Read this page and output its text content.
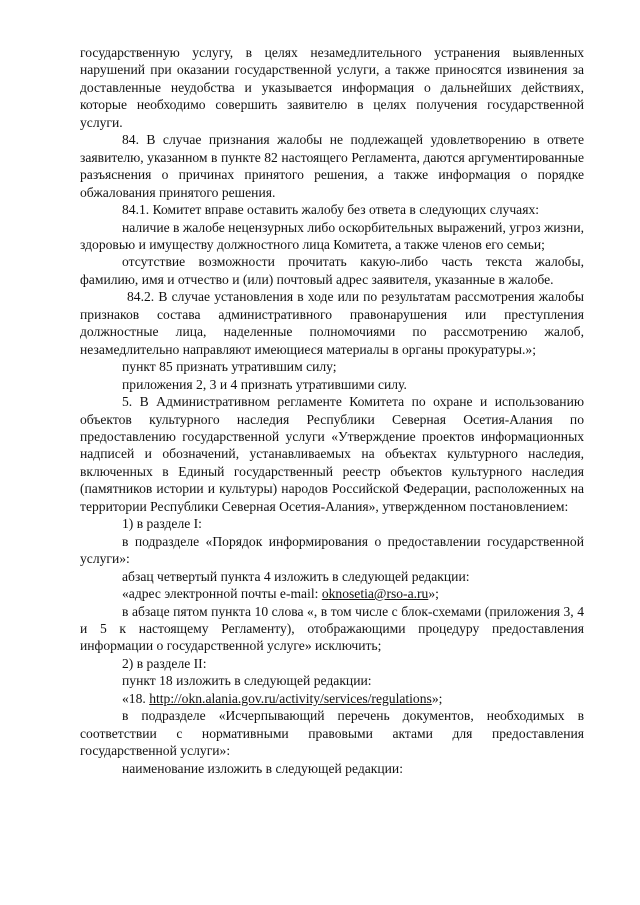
государственную услугу, в целях незамедлительного устранения выявленных нарушений при оказании государственной услуги, а также приносятся извинения за доставленные неудобства и указывается информация о дальнейших действиях, которые необходимо совершить заявителю в целях получения государственной услуги.

84. В случае признания жалобы не подлежащей удовлетворению в ответе заявителю, указанном в пункте 82 настоящего Регламента, даются аргументированные разъяснения о причинах принятого решения, а также информация о порядке обжалования принятого решения.

84.1. Комитет вправе оставить жалобу без ответа в следующих случаях:

наличие в жалобе нецензурных либо оскорбительных выражений, угроз жизни, здоровью и имуществу должностного лица Комитета, а также членов его семьи;

отсутствие возможности прочитать какую-либо часть текста жалобы, фамилию, имя и отчество и (или) почтовый адрес заявителя, указанные в жалобе.

84.2. В случае установления в ходе или по результатам рассмотрения жалобы признаков состава административного правонарушения или преступления должностные лица, наделенные полномочиями по рассмотрению жалоб, незамедлительно направляют имеющиеся материалы в органы прокуратуры.»;

пункт 85 признать утратившим силу;

приложения 2, 3 и 4 признать утратившими силу.

5. В Административном регламенте Комитета по охране и использованию объектов культурного наследия Республики Северная Осетия-Алания по предоставлению государственной услуги «Утверждение проектов информационных надписей и обозначений, устанавливаемых на объектах культурного наследия, включенных в Единый государственный реестр объектов культурного наследия (памятников истории и культуры) народов Российской Федерации, расположенных на территории Республики Северная Осетия-Алания», утвержденном постановлением:

1) в разделе I:

в подразделе «Порядок информирования о предоставлении государственной услуги»:

абзац четвертый пункта 4 изложить в следующей редакции:

«адрес электронной почты e-mail: oknosetia@rso-a.ru»;

в абзаце пятом пункта 10 слова «, в том числе с блок-схемами (приложения 3, 4 и 5 к настоящему Регламенту), отображающими процедуру предоставления информации о государственной услуге» исключить;

2) в разделе II:

пункт 18 изложить в следующей редакции:

«18. http://okn.alania.gov.ru/activity/services/regulations»;

в подразделе «Исчерпывающий перечень документов, необходимых в соответствии с нормативными правовыми актами для предоставления государственной услуги»:

наименование изложить в следующей редакции:
